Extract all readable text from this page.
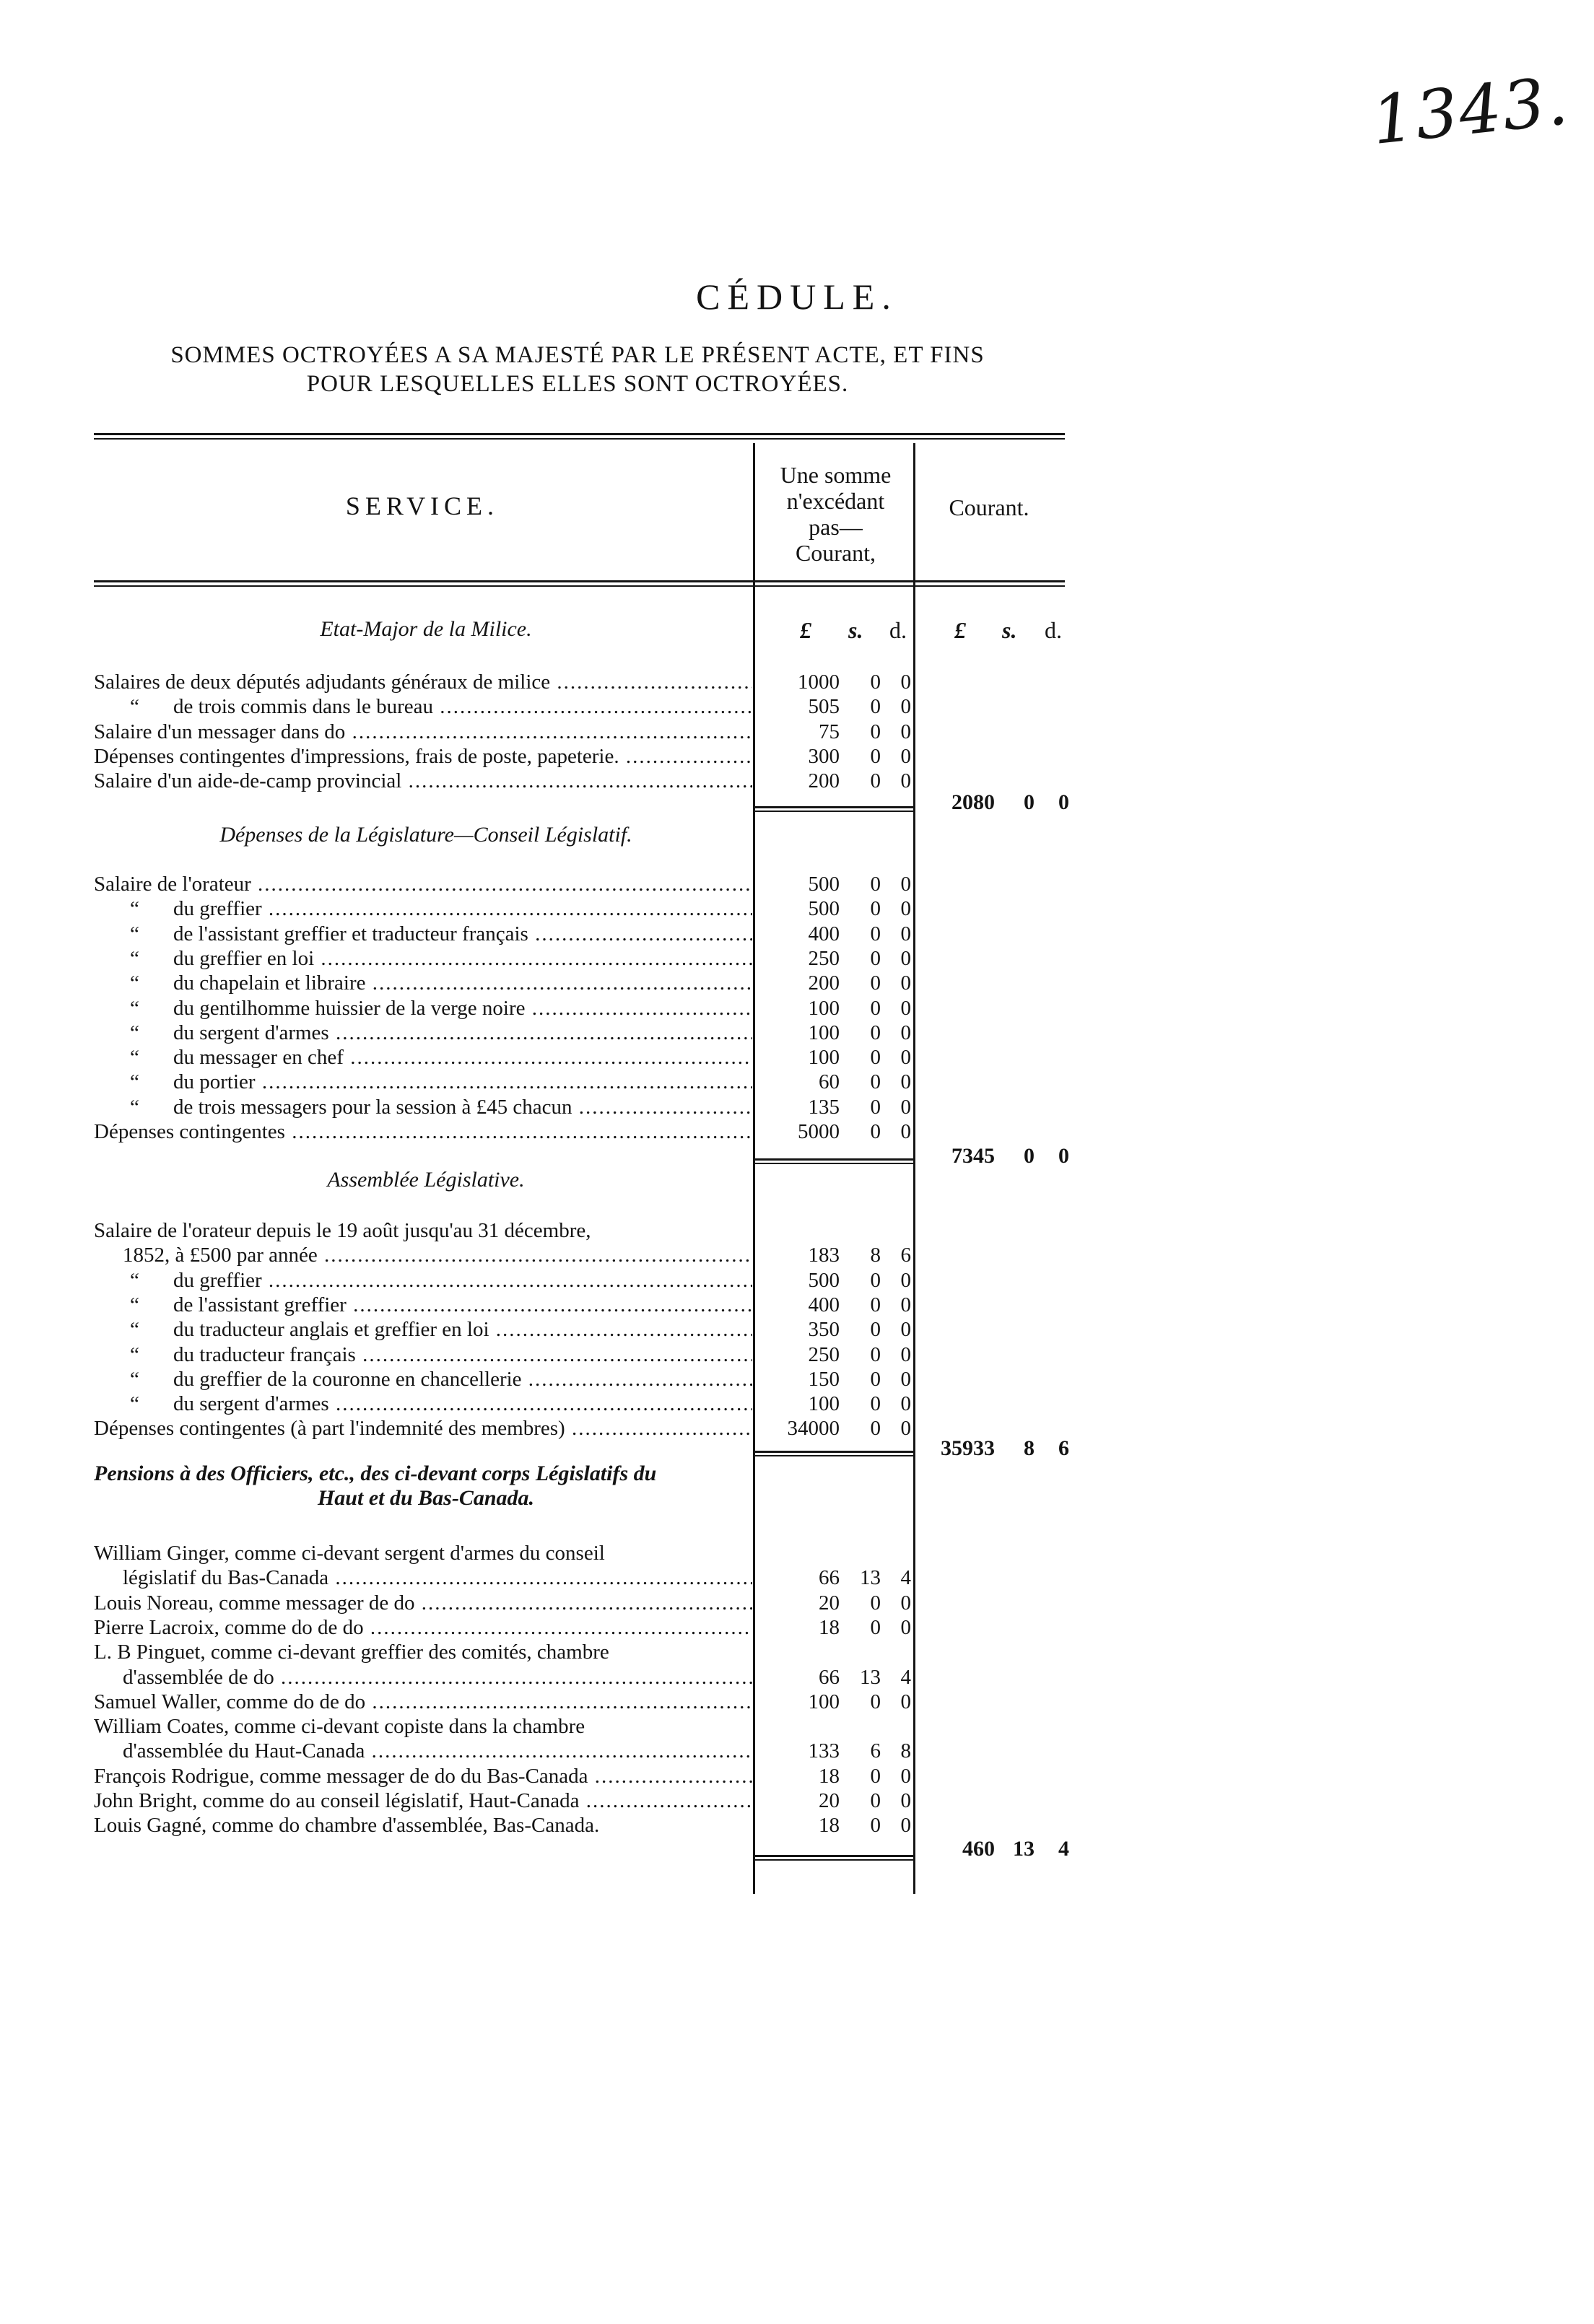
1343.
CÉDULE.
SOMMES OCTROYÉES A SA MAJESTÉ PAR LE PRÉSENT ACTE, ET FINS
POUR LESQUELLES ELLES SONT OCTROYÉES.
SERVICE.
Une somme
n'excédant
pas—
Courant,
Courant.
£ s. d. £ s. d.
Etat-Major de la Milice.
Salaires de deux députés adjudants généraux de milice .....	1000	0 0
“ de trois commis dans le bureau .....	505	0 0
Salaire d'un messager dans do .....	75	0 0
Dépenses contingentes d'impressions, frais de poste, papeterie. .....	300	0 0
Salaire d'un aide-de-camp provincial .....	200	0 0
2080 0 0
Dépenses de la Législature—Conseil Législatif.
Salaire de l'orateur .....	500	0 0
“ du greffier .....	500	0 0
“ de l'assistant greffier et traducteur français .....	400	0 0
“ du greffier en loi .....	250	0 0
“ du chapelain et libraire .....	200	0 0
“ du gentilhomme huissier de la verge noire .....	100	0 0
“ du sergent d'armes .....	100	0 0
“ du messager en chef .....	100	0 0
“ du portier .....	60	0 0
“ de trois messagers pour la session à £45 chacun .....	135	0 0
Dépenses contingentes .....	5000	0 0
7345 0 0
Assemblée Législative.
Salaire de l'orateur depuis le 19 août jusqu'au 31 décembre,
1852, à £500 par année .....	183	8 6
“ du greffier .....	500	0 0
“ de l'assistant greffier .....	400	0 0
“ du traducteur anglais et greffier en loi .....	350	0 0
“ du traducteur français .....	250	0 0
“ du greffier de la couronne en chancellerie .....	150	0 0
“ du sergent d'armes .....	100	0 0
Dépenses contingentes (à part l'indemnité des membres) .....	34000	0 0
35933 8 6
Pensions à des Officiers, etc., des ci-devant corps Législatifs du
Haut et du Bas-Canada.
William Ginger, comme ci-devant sergent d'armes du conseil
législatif du Bas-Canada .....	66 13 4
Louis Noreau, comme messager de do .....	20	0 0
Pierre Lacroix, comme do de do .....	18	0 0
L. B Pinguet, comme ci-devant greffier des comités, chambre
d'assemblée de do .....	66 13 4
Samuel Waller, comme do de do .....	100	0 0
William Coates, comme ci-devant copiste dans la chambre
d'assemblée du Haut-Canada .....	133	6 8
François Rodrigue, comme messager de do du Bas-Canada .....	18	0 0
John Bright, comme do au conseil législatif, Haut-Canada .....	20	0 0
Louis Gagné, comme do chambre d'assemblée, Bas-Canada.	18	0 0
460 13 4
